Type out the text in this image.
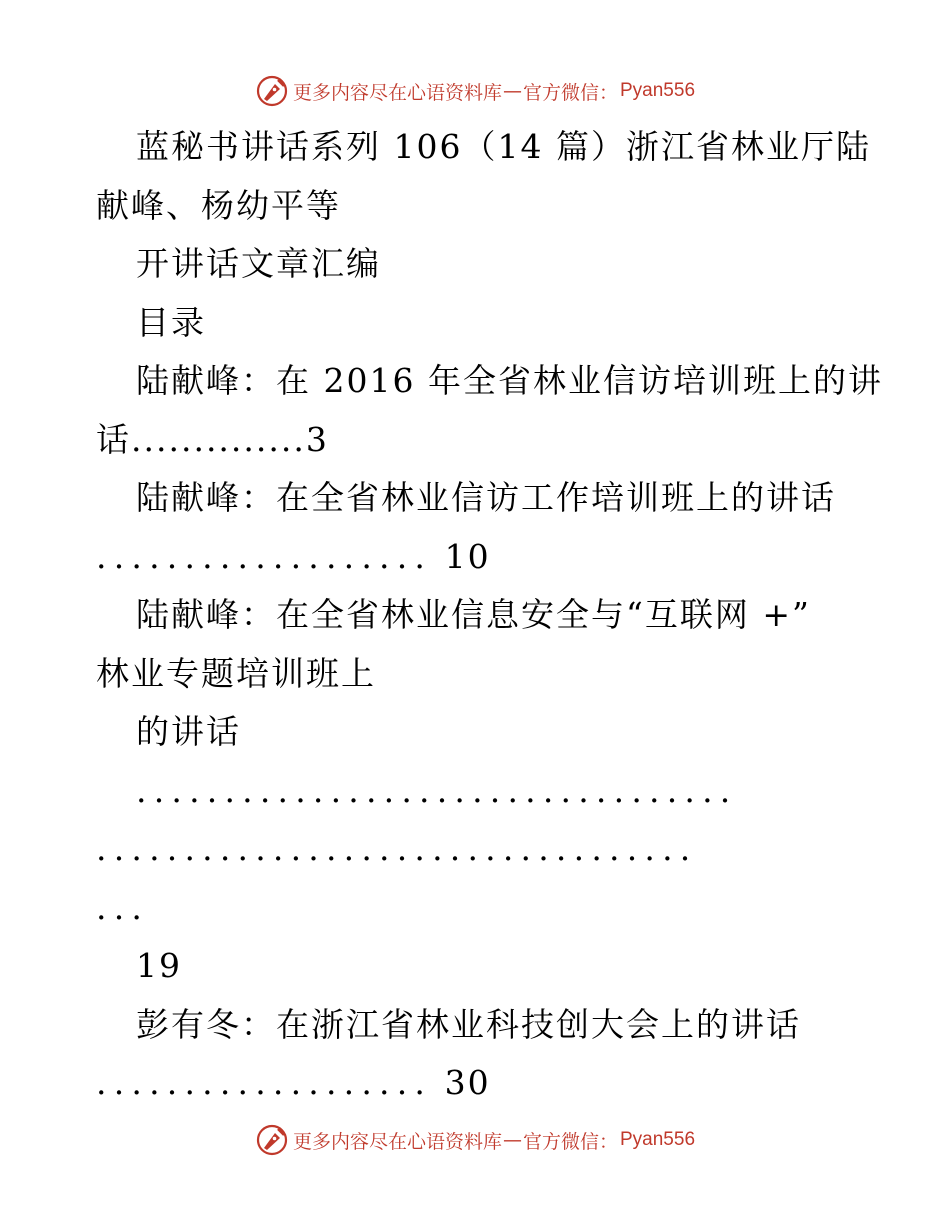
更多内容尽在心语资料库 — 官方微信： Pyan556
蓝秘书讲话系列 106（14 篇）浙江省林业厅陆
献峰、杨幼平等
开讲话文章汇编
目录
陆献峰：在 2016 年全省林业信访培训班上的讲
话..............3
陆献峰：在全省林业信访工作培训班上的讲话
................... 10
陆献峰：在全省林业信息安全与“互联网 +”
林业专题培训班上
的讲话
..................................
..................................
...
19
彭有冬：在浙江省林业科技创大会上的讲话
................... 30
更多内容尽在心语资料库 — 官方微信： Pyan556
